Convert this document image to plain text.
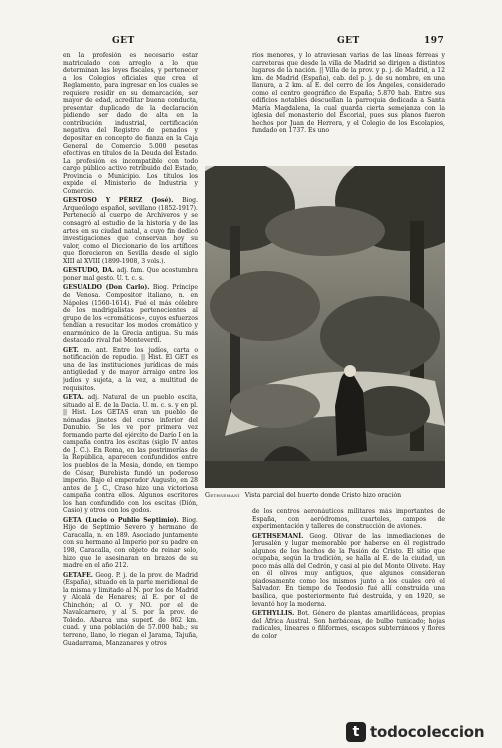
GET	GET	197

en la profesión es necesario estar matriculado con arreglo a lo que determinan las leyes fiscales, y pertenecer a los Colegios oficiales que crea el Reglamento, para ingresar en los cuales se requiere residir en su demarcación, ser mayor de edad, acreditar buena conducta, presentar duplicado de la declaración pidiendo ser dado de alta en la contribución industrial, certificación negativa del Registro de penados y depositar en concepto de fianza en la Caja General de Comercio 5.000 pesetas efectivas en títulos de la Deuda del Estado. La profesión es incompatible con todo cargo público activo retribuido del Estado, Provincia o Municipio. Los títulos los expide el Ministerio de Industria y Comercio.

GESTOSO Y PÉREZ (José). Biog. Arqueólogo español, sevillano (1852-1917). Perteneció al cuerpo de Archiveros y se consagró al estudio de la historia y de las artes en su ciudad natal, a cuyo fin dedicó investigaciones que conservan hoy su valor, como el Diccionario de los artífices que florecieron en Sevilla desde el siglo XIII al XVIII (1899-1908, 3 vols.).

GESTUDO, DA. adj. fam. Que acostumbra poner mal gesto. U. t. c. s.

GESUALDO (Don Carlo). Biog. Príncipe de Venosa. Compositor italiano, n. en Nápoles (1560-1614). Fué el más célebre de los madrigalistas pertenecientes al grupo de los «cromáticos», cuyos esfuerzos tendían a resucitar los modos cromático y enarmónico de la Grecia antigua. Su más destacado rival fué Monteverdi.

GET. m. ant. Entre los judíos, carta o notificación de repudio. || Hist. El GET es una de las instituciones jurídicas de más antigüedad y de mayor arraigo entre los judíos y sujeta, a la vez, a multitud de requisitos.

GETA. adj. Natural de un pueblo escita, situado al E. de la Dacia. U. m. c. s. y en pl. || Hist. Los GETAS eran un pueblo de nómadas jinetes del curso inferior del Danubio. Se les ve por primera vez formando parte del ejército de Darío I en la campaña contra los escitas (siglo IV antes de J. C.). En Roma, en las postrimerías de la República, aparecen confundidos entre los pueblos de la Mesia, donde, en tiempo de César, Burebista fundó un poderoso imperio. Bajo el emperador Augusto, en 28 antes de J. C., Craso hizo una victoriosa campaña contra ellos. Algunos escritores los han confundido con los escitas (Dión, Casio) y otros con los godos.

GETA (Lucio o Publio Septimio). Biog. Hijo de Septimio Severo y hermano de Caracalla, n. en 189. Asociado juntamente con su hermano al Imperio por su padre en 198, Caracalla, con objeto de reinar solo, hizo que le asesinaran en brazos de su madre en el año 212.

GETAFE. Geog. P. j. de la prov. de Madrid (España), situado en la parte meridional de la misma y limitado al N. por los de Madrid y Alcalá de Henares; al E. por el de Chinchón; al O. y NO. por el de Navalcarnero, y al S. por la prov. de Toledo. Abarca una superf. de 862 km. cuad. y una población de 57.000 hab.; su terreno, llano, lo riegan el Jarama, Tajuña, Guadarrama, Manzanares y otros

ríos menores, y lo atraviesan varias de las líneas férreas y carreteras que desde la villa de Madrid se dirigen a distintos lugares de la nación. || Villa de la prov. y p. j. de Madrid, a 12 km. de Madrid (España), cab. del p. j. de su nombre, en una llanura, a 2 km. al E. del cerro de los Ángeles, considerado como el centro geográfico de España; 5.870 hab. Entre sus edificios notables descuellan la parroquia dedicada a Santa María Magdalena, la cual guarda cierta semejanza con la iglesia del monasterio del Escorial, pues sus planos fueron hechos por Juan de Herrera, y el Colegio de los Escolapios, fundado en 1737. Es uno

Gethsemaní Vista parcial del huerto donde Cristo hizo oración

de los centros aeronáuticos militares más importantes de España, con aeródromos, cuarteles, campos de experimentación y talleres de construcción de aviones.

GETHSEMANÍ. Geog. Olivar de las inmediaciones de Jerusalén y lugar memorable por haberse en él registrado algunos de los hechos de la Pasión de Cristo. El sitio que ocupaba, según la tradición, se halla al E. de la ciudad, un poco más allá del Cedrón, y casi al pie del Monte Olivete. Hay en él olivos muy antiguos, que algunos consideran piadosamente como los mismos junto a los cuales oró el Salvador. En tiempo de Teodosio fué allí construída una basílica, que posteriormente fué destruída, y en 1920, se levantó hoy la moderna.

GETHYLLIS. Bot. Género de plantas amarilidáceas, propias del África Austral. Son herbáceas, de bulbo tunicado; hojas radicales, lineares o filiformes, escapos subterráneos y flores de color

t todocoleccion
